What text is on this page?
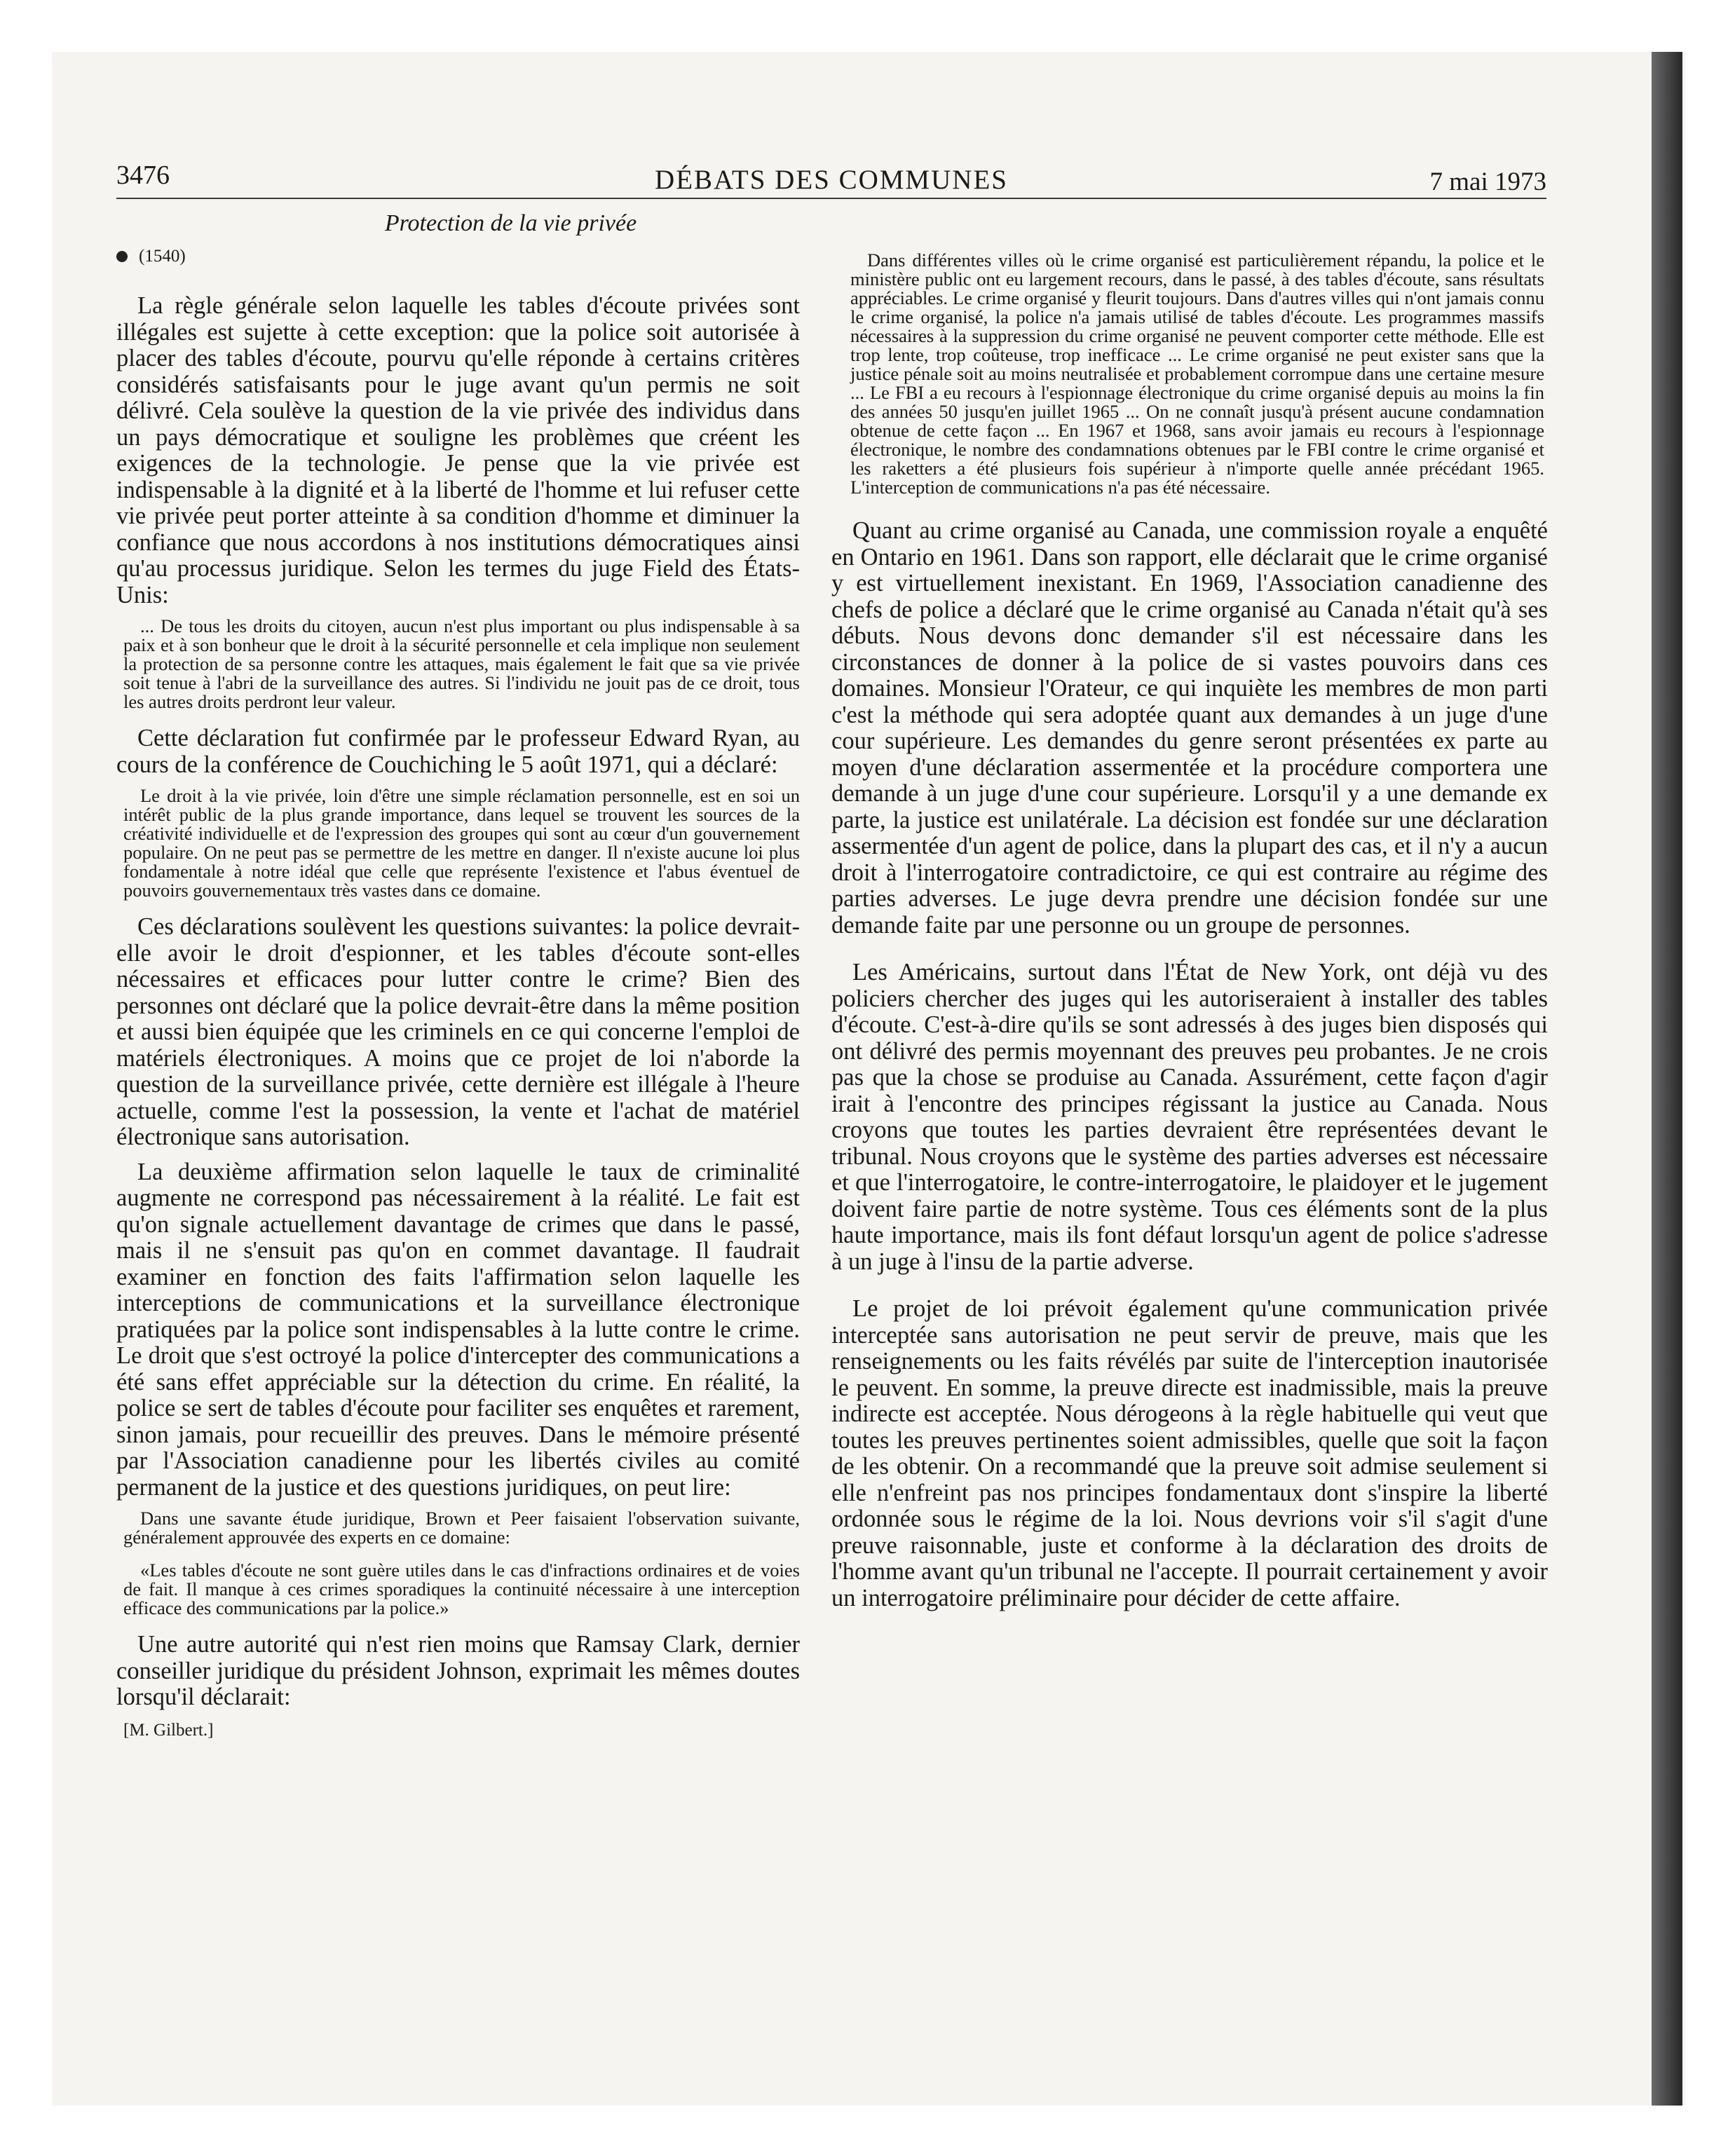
3476	DÉBATS DES COMMUNES	7 mai 1973
Protection de la vie privée
(1540)

La règle générale selon laquelle les tables d'écoute privées sont illégales est sujette à cette exception: que la police soit autorisée à placer des tables d'écoute, pourvu qu'elle réponde à certains critères considérés satisfaisants pour le juge avant qu'un permis ne soit délivré. Cela soulève la question de la vie privée des individus dans un pays démocratique et souligne les problèmes que créent les exigences de la technologie. Je pense que la vie privée est indispensable à la dignité et à la liberté de l'homme et lui refuser cette vie privée peut porter atteinte à sa condition d'homme et diminuer la confiance que nous accordons à nos institutions démocratiques ainsi qu'au processus juridique. Selon les termes du juge Field des États-Unis:

... De tous les droits du citoyen, aucun n'est plus important ou plus indispensable à sa paix et à son bonheur que le droit à la sécurité personnelle et cela implique non seulement la protection de sa personne contre les attaques, mais également le fait que sa vie privée soit tenue à l'abri de la surveillance des autres. Si l'individu ne jouit pas de ce droit, tous les autres droits perdront leur valeur.

Cette déclaration fut confirmée par le professeur Edward Ryan, au cours de la conférence de Couchiching le 5 août 1971, qui a déclaré:

Le droit à la vie privée, loin d'être une simple réclamation personnelle, est en soi un intérêt public de la plus grande importance, dans lequel se trouvent les sources de la créativité individuelle et de l'expression des groupes qui sont au cœur d'un gouvernement populaire. On ne peut pas se permettre de les mettre en danger. Il n'existe aucune loi plus fondamentale à notre idéal que celle que représente l'existence et l'abus éventuel de pouvoirs gouvernementaux très vastes dans ce domaine.

Ces déclarations soulèvent les questions suivantes: la police devrait-elle avoir le droit d'espionner, et les tables d'écoute sont-elles nécessaires et efficaces pour lutter contre le crime? Bien des personnes ont déclaré que la police devrait-être dans la même position et aussi bien équipée que les criminels en ce qui concerne l'emploi de matériels électroniques. A moins que ce projet de loi n'aborde la question de la surveillance privée, cette dernière est illégale à l'heure actuelle, comme l'est la possession, la vente et l'achat de matériel électronique sans autorisation.

La deuxième affirmation selon laquelle le taux de criminalité augmente ne correspond pas nécessairement à la réalité. Le fait est qu'on signale actuellement davantage de crimes que dans le passé, mais il ne s'ensuit pas qu'on en commet davantage. Il faudrait examiner en fonction des faits l'affirmation selon laquelle les interceptions de communications et la surveillance électronique pratiquées par la police sont indispensables à la lutte contre le crime. Le droit que s'est octroyé la police d'intercepter des communications a été sans effet appréciable sur la détection du crime. En réalité, la police se sert de tables d'écoute pour faciliter ses enquêtes et rarement, sinon jamais, pour recueillir des preuves. Dans le mémoire présenté par l'Association canadienne pour les libertés civiles au comité permanent de la justice et des questions juridiques, on peut lire:

Dans une savante étude juridique, Brown et Peer faisaient l'observation suivante, généralement approuvée des experts en ce domaine:

«Les tables d'écoute ne sont guère utiles dans le cas d'infractions ordinaires et de voies de fait. Il manque à ces crimes sporadiques la continuité nécessaire à une interception efficace des communications par la police.»

Une autre autorité qui n'est rien moins que Ramsay Clark, dernier conseiller juridique du président Johnson, exprimait les mêmes doutes lorsqu'il déclarait:

[M. Gilbert.]

Dans différentes villes où le crime organisé est particulièrement répandu, la police et le ministère public ont eu largement recours, dans le passé, à des tables d'écoute, sans résultats appréciables. Le crime organisé y fleurit toujours. Dans d'autres villes qui n'ont jamais connu le crime organisé, la police n'a jamais utilisé de tables d'écoute. Les programmes massifs nécessaires à la suppression du crime organisé ne peuvent comporter cette méthode. Elle est trop lente, trop coûteuse, trop inefficace ... Le crime organisé ne peut exister sans que la justice pénale soit au moins neutralisée et probablement corrompue dans une certaine mesure ... Le FBI a eu recours à l'espionnage électronique du crime organisé depuis au moins la fin des années 50 jusqu'en juillet 1965 ... On ne connaît jusqu'à présent aucune condamnation obtenue de cette façon ... En 1967 et 1968, sans avoir jamais eu recours à l'espionnage électronique, le nombre des condamnations obtenues par le FBI contre le crime organisé et les raketters a été plusieurs fois supérieur à n'importe quelle année précédant 1965. L'interception de communications n'a pas été nécessaire.

Quant au crime organisé au Canada, une commission royale a enquêté en Ontario en 1961. Dans son rapport, elle déclarait que le crime organisé y est virtuellement inexistant. En 1969, l'Association canadienne des chefs de police a déclaré que le crime organisé au Canada n'était qu'à ses débuts. Nous devons donc demander s'il est nécessaire dans les circonstances de donner à la police de si vastes pouvoirs dans ces domaines. Monsieur l'Orateur, ce qui inquiète les membres de mon parti c'est la méthode qui sera adoptée quant aux demandes à un juge d'une cour supérieure. Les demandes du genre seront présentées ex parte au moyen d'une déclaration assermentée et la procédure comportera une demande à un juge d'une cour supérieure. Lorsqu'il y a une demande ex parte, la justice est unilatérale. La décision est fondée sur une déclaration assermentée d'un agent de police, dans la plupart des cas, et il n'y a aucun droit à l'interrogatoire contradictoire, ce qui est contraire au régime des parties adverses. Le juge devra prendre une décision fondée sur une demande faite par une personne ou un groupe de personnes.

Les Américains, surtout dans l'État de New York, ont déjà vu des policiers chercher des juges qui les autoriseraient à installer des tables d'écoute. C'est-à-dire qu'ils se sont adressés à des juges bien disposés qui ont délivré des permis moyennant des preuves peu probantes. Je ne crois pas que la chose se produise au Canada. Assurément, cette façon d'agir irait à l'encontre des principes régissant la justice au Canada. Nous croyons que toutes les parties devraient être représentées devant le tribunal. Nous croyons que le système des parties adverses est nécessaire et que l'interrogatoire, le contre-interrogatoire, le plaidoyer et le jugement doivent faire partie de notre système. Tous ces éléments sont de la plus haute importance, mais ils font défaut lorsqu'un agent de police s'adresse à un juge à l'insu de la partie adverse.

Le projet de loi prévoit également qu'une communication privée interceptée sans autorisation ne peut servir de preuve, mais que les renseignements ou les faits révélés par suite de l'interception inautorisée le peuvent. En somme, la preuve directe est inadmissible, mais la preuve indirecte est acceptée. Nous dérogeons à la règle habituelle qui veut que toutes les preuves pertinentes soient admissibles, quelle que soit la façon de les obtenir. On a recommandé que la preuve soit admise seulement si elle n'enfreint pas nos principes fondamentaux dont s'inspire la liberté ordonnée sous le régime de la loi. Nous devrions voir s'il s'agit d'une preuve raisonnable, juste et conforme à la déclaration des droits de l'homme avant qu'un tribunal ne l'accepte. Il pourrait certainement y avoir un interrogatoire préliminaire pour décider de cette affaire.
